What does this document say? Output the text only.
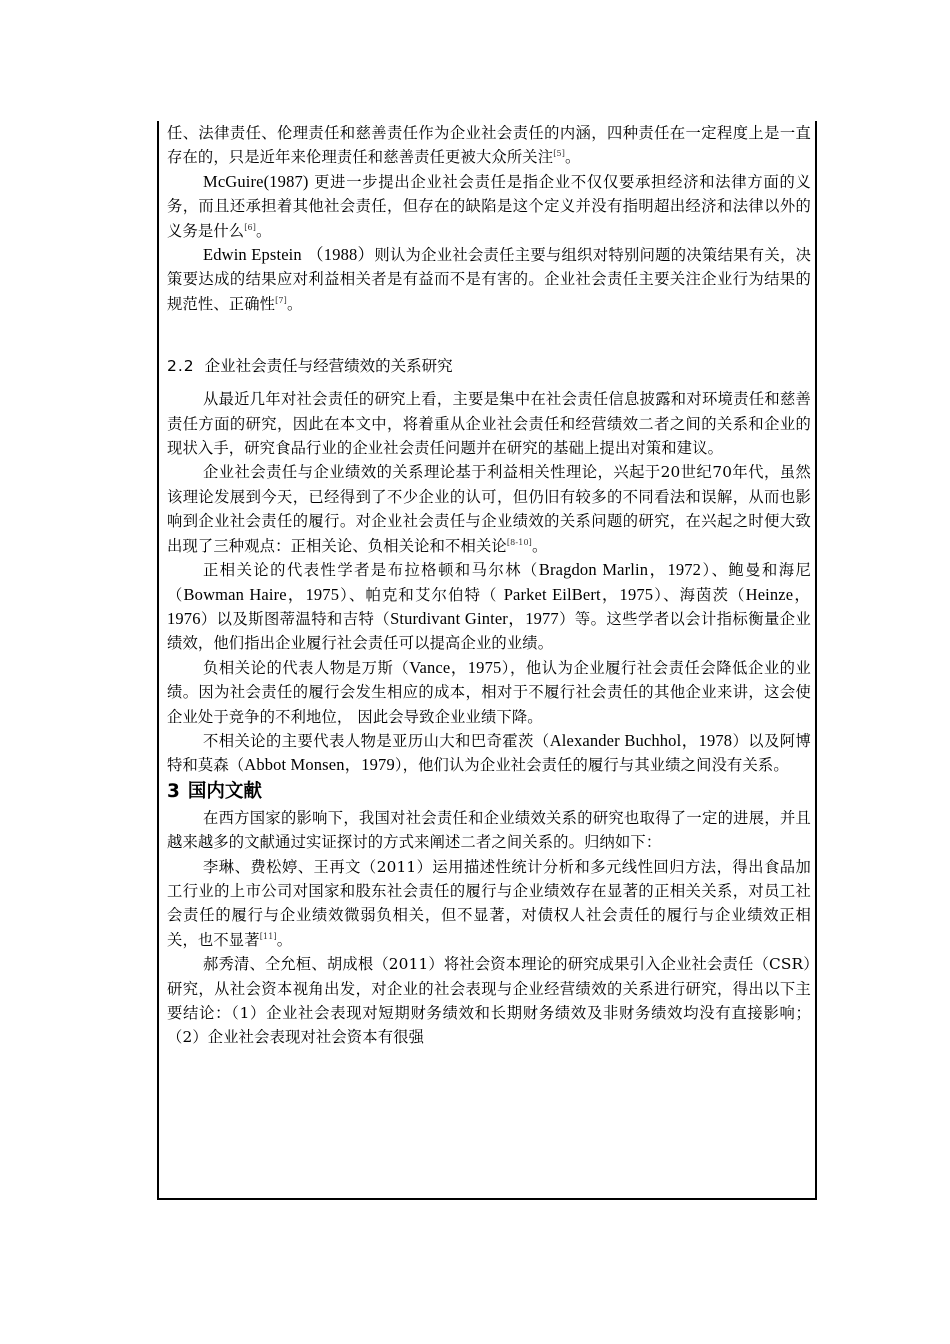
任、法律责任、伦理责任和慈善责任作为企业社会责任的内涵，四种责任在一定程度上是一直存在的，只是近年来伦理责任和慈善责任更被大众所关注[5]。

McGuire(1987) 更进一步提出企业社会责任是指企业不仅仅要承担经济和法律方面的义务，而且还承担着其他社会责任，但存在的缺陷是这个定义并没有指明超出经济和法律以外的义务是什么[6]。

Edwin Epstein （1988）则认为企业社会责任主要与组织对特别问题的决策结果有关，决策要达成的结果应对利益相关者是有益而不是有害的。企业社会责任主要关注企业行为结果的规范性、正确性[7]。

2.2 企业社会责任与经营绩效的关系研究

从最近几年对社会责任的研究上看，主要是集中在社会责任信息披露和对环境责任和慈善责任方面的研究，因此在本文中，将着重从企业社会责任和经营绩效二者之间的关系和企业的现状入手，研究食品行业的企业社会责任问题并在研究的基础上提出对策和建议。

企业社会责任与企业绩效的关系理论基于利益相关性理论，兴起于20世纪70年代，虽然该理论发展到今天，已经得到了不少企业的认可，但仍旧有较多的不同看法和误解，从而也影响到企业社会责任的履行。对企业社会责任与企业绩效的关系问题的研究，在兴起之时便大致出现了三种观点：正相关论、负相关论和不相关论[8-10]。

正相关论的代表性学者是布拉格顿和马尔林（Bragdon Marlin，1972）、鲍曼和海尼（Bowman Haire，1975）、帕克和艾尔伯特（ Parket EilBert，1975）、海茵茨（Heinze，1976）以及斯图蒂温特和吉特（Sturdivant Ginter，1977）等。这些学者以会计指标衡量企业绩效，他们指出企业履行社会责任可以提高企业的业绩。

负相关论的代表人物是万斯（Vance，1975），他认为企业履行社会责任会降低企业的业绩。因为社会责任的履行会发生相应的成本，相对于不履行社会责任的其他企业来讲，这会使企业处于竞争的不利地位， 因此会导致企业业绩下降。

不相关论的主要代表人物是亚历山大和巴奇霍茨（Alexander Buchhol，1978）以及阿博特和莫森（Abbot Monsen，1979），他们认为企业社会责任的履行与其业绩之间没有关系。

3 国内文献

在西方国家的影响下，我国对社会责任和企业绩效关系的研究也取得了一定的进展，并且越来越多的文献通过实证探讨的方式来阐述二者之间关系的。归纳如下：

李琳、费松婷、王再文（2011）运用描述性统计分析和多元线性回归方法，得出食品加工行业的上市公司对国家和股东社会责任的履行与企业绩效存在显著的正相关关系，对员工社会责任的履行与企业绩效微弱负相关，但不显著，对债权人社会责任的履行与企业绩效正相关，也不显著[11]。

郝秀清、仝允桓、胡成根（2011）将社会资本理论的研究成果引入企业社会责任（CSR）研究，从社会资本视角出发，对企业的社会表现与企业经营绩效的关系进行研究，得出以下主要结论：（1）企业社会表现对短期财务绩效和长期财务绩效及非财务绩效均没有直接影响；（2）企业社会表现对社会资本有很强
